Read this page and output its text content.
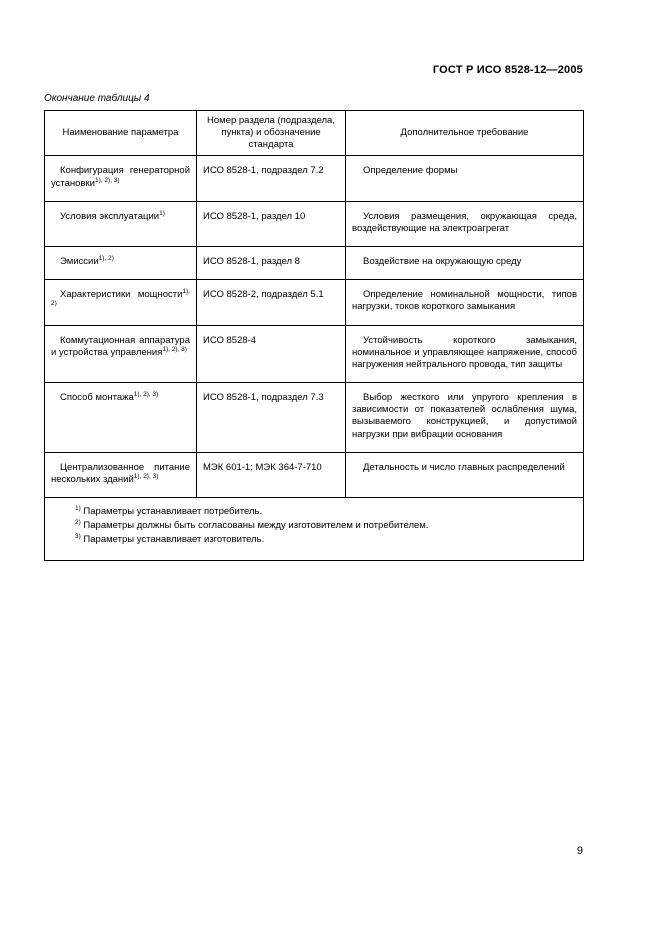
ГОСТ Р ИСО 8528-12—2005
Окончание таблицы 4
Наименование параметра	Номер раздела (подраздела, пункта) и обозначение стандарта	Дополнительное требование
Конфигурация генераторной установки$^{1), 2), 3)}$	ИСО 8528-1, подраздел 7.2	Определение формы
Условия эксплуатации$^{1)}$	ИСО 8528-1, раздел 10	Условия размещения, окружающая среда, воздействующие на электроагрегат
Эмиссии$^{1), 2)}$	ИСО 8528-1, раздел 8	Воздействие на окружающую среду
Характеристики мощности$^{1), 2)}$	ИСО 8528-2, подраздел 5.1	Определение номинальной мощности, типов нагрузки, токов короткого замыкания
Коммутационная аппаратура и устройства управления$^{1), 2), 3)}$	ИСО 8528-4	Устойчивость короткого замыкания, номинальное и управляющее напряжение, способ нагружения нейтрального провода, тип защиты
Способ монтажа$^{1), 2), 3)}$	ИСО 8528-1, подраздел 7.3	Выбор жесткого или упругого крепления в зависимости от показателей ослабления шума, вызываемого конструкцией, и допустимой нагрузки при вибрации основания
Централизованное питание нескольких зданий$^{1), 2), 3)}$	МЭК 601-1; МЭК 364-7-710	Детальность и число главных распределений

$^{1)}$ Параметры устанавливает потребитель.
$^{2)}$ Параметры должны быть согласованы между изготовителем и потребителем.
$^{3)}$ Параметры устанавливает изготовитель.		
9
